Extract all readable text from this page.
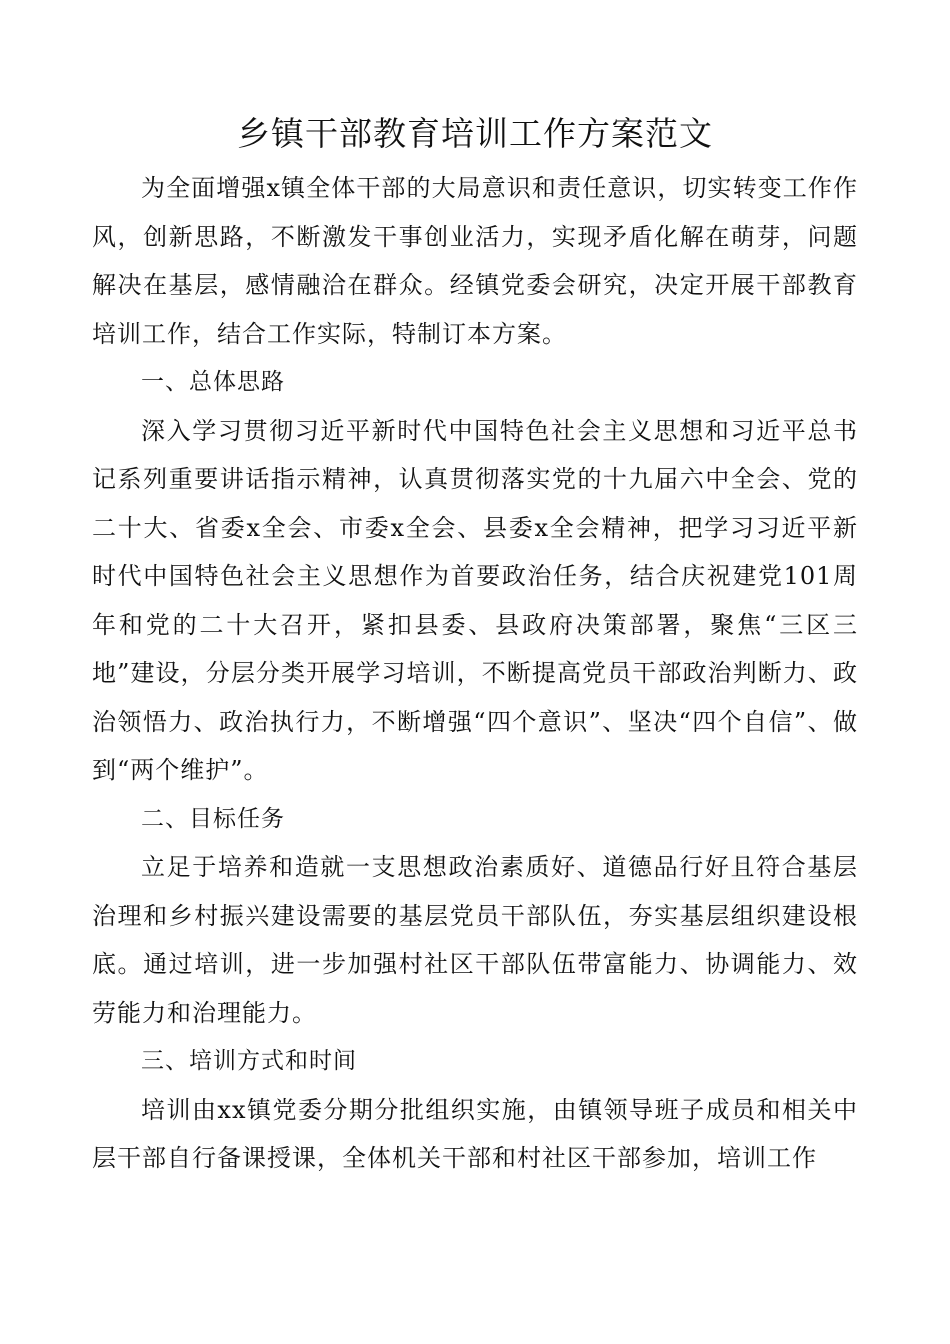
乡镇干部教育培训工作方案范文

为全面增强x镇全体干部的大局意识和责任意识，切实转变工作作风，创新思路，不断激发干事创业活力，实现矛盾化解在萌芽，问题解决在基层，感情融洽在群众。经镇党委会研究，决定开展干部教育培训工作，结合工作实际，特制订本方案。

一、总体思路

深入学习贯彻习近平新时代中国特色社会主义思想和习近平总书记系列重要讲话指示精神，认真贯彻落实党的十九届六中全会、党的二十大、省委x全会、市委x全会、县委x全会精神，把学习习近平新时代中国特色社会主义思想作为首要政治任务，结合庆祝建党101周年和党的二十大召开，紧扣县委、县政府决策部署，聚焦“三区三地”建设，分层分类开展学习培训，不断提高党员干部政治判断力、政治领悟力、政治执行力，不断增强“四个意识”、坚决“四个自信”、做到“两个维护”。

二、目标任务

立足于培养和造就一支思想政治素质好、道德品行好且符合基层治理和乡村振兴建设需要的基层党员干部队伍，夯实基层组织建设根底。通过培训，进一步加强村社区干部队伍带富能力、协调能力、效劳能力和治理能力。

三、培训方式和时间

培训由xx镇党委分期分批组织实施，由镇领导班子成员和相关中层干部自行备课授课，全体机关干部和村社区干部参加，培训工作
